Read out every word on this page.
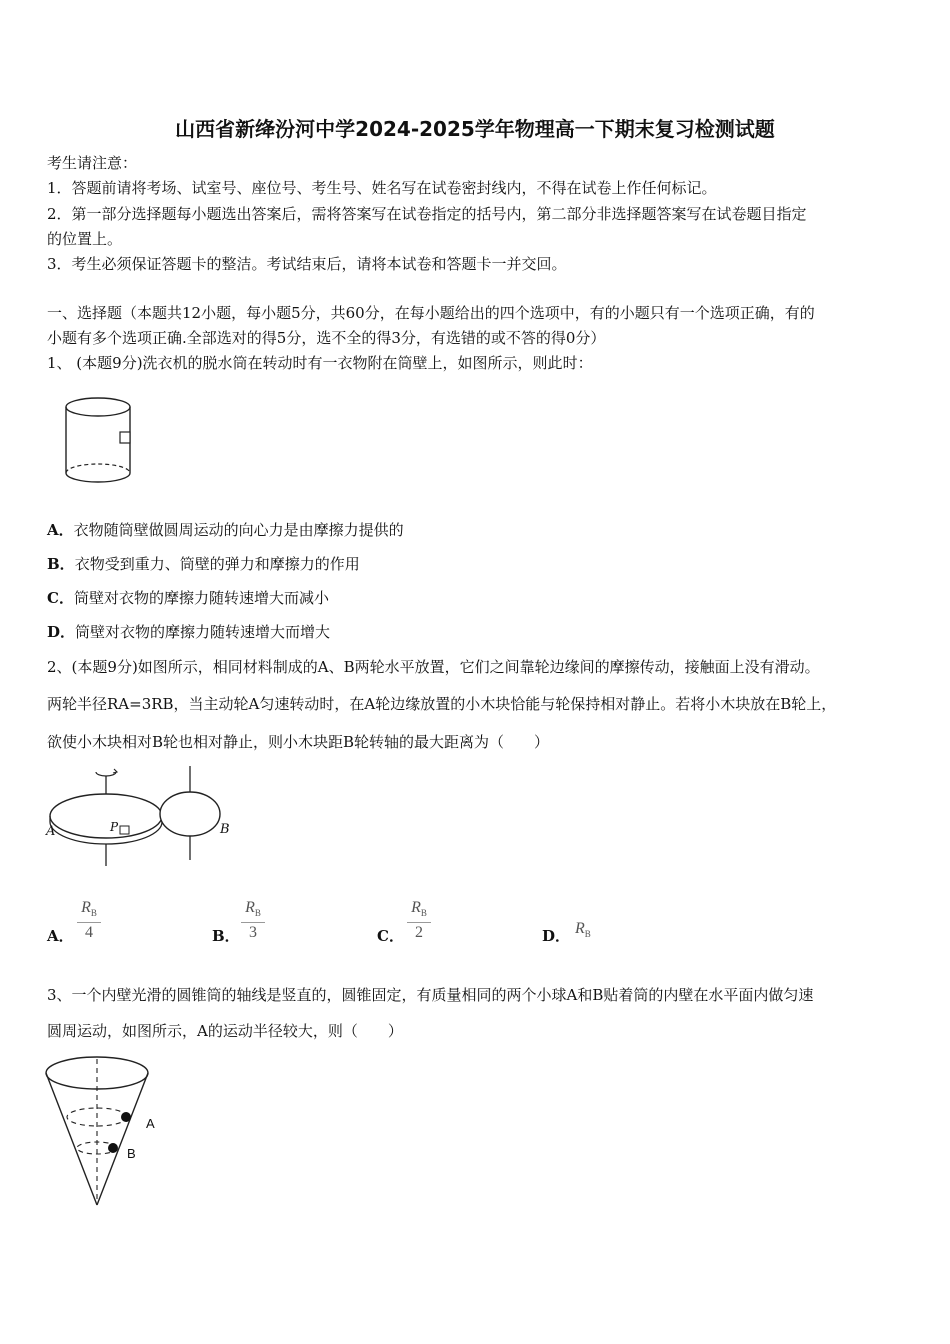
山西省新绛汾河中学2024-2025学年物理高一下期末复习检测试题
考生请注意：
1．答题前请将考场、试室号、座位号、考生号、姓名写在试卷密封线内，不得在试卷上作任何标记。
2．第一部分选择题每小题选出答案后，需将答案写在试卷指定的括号内，第二部分非选择题答案写在试卷题目指定
的位置上。
3．考生必须保证答题卡的整洁。考试结束后，请将本试卷和答题卡一并交回。
一、选择题（本题共12小题，每小题5分，共60分，在每小题给出的四个选项中，有的小题只有一个选项正确，有的
小题有多个选项正确.全部选对的得5分，选不全的得3分，有选错的或不答的得0分）
1、 (本题9分)洗衣机的脱水筒在转动时有一衣物附在筒壁上，如图所示，则此时：
A．衣物随筒壁做圆周运动的向心力是由摩擦力提供的
B．衣物受到重力、筒壁的弹力和摩擦力的作用
C．筒壁对衣物的摩擦力随转速增大而减小
D．筒壁对衣物的摩擦力随转速增大而增大
2、(本题9分)如图所示，相同材料制成的A、B两轮水平放置，它们之间靠轮边缘间的摩擦传动，接触面上没有滑动。
两轮半径RA=3RB，当主动轮A匀速转动时，在A轮边缘放置的小木块恰能与轮保持相对静止。若将小木块放在B轮上，
欲使小木块相对B轮也相对静止，则小木块距B轮转轴的最大距离为（　　）
A	P	B
A． $\frac{R_B}{4}$	B． $\frac{R_B}{3}$	C． $\frac{R_B}{2}$	D． $R_B$
3、一个内壁光滑的圆锥筒的轴线是竖直的，圆锥固定，有质量相同的两个小球A和B贴着筒的内壁在水平面内做匀速
圆周运动，如图所示，A的运动半径较大，则（　　）
A
B
